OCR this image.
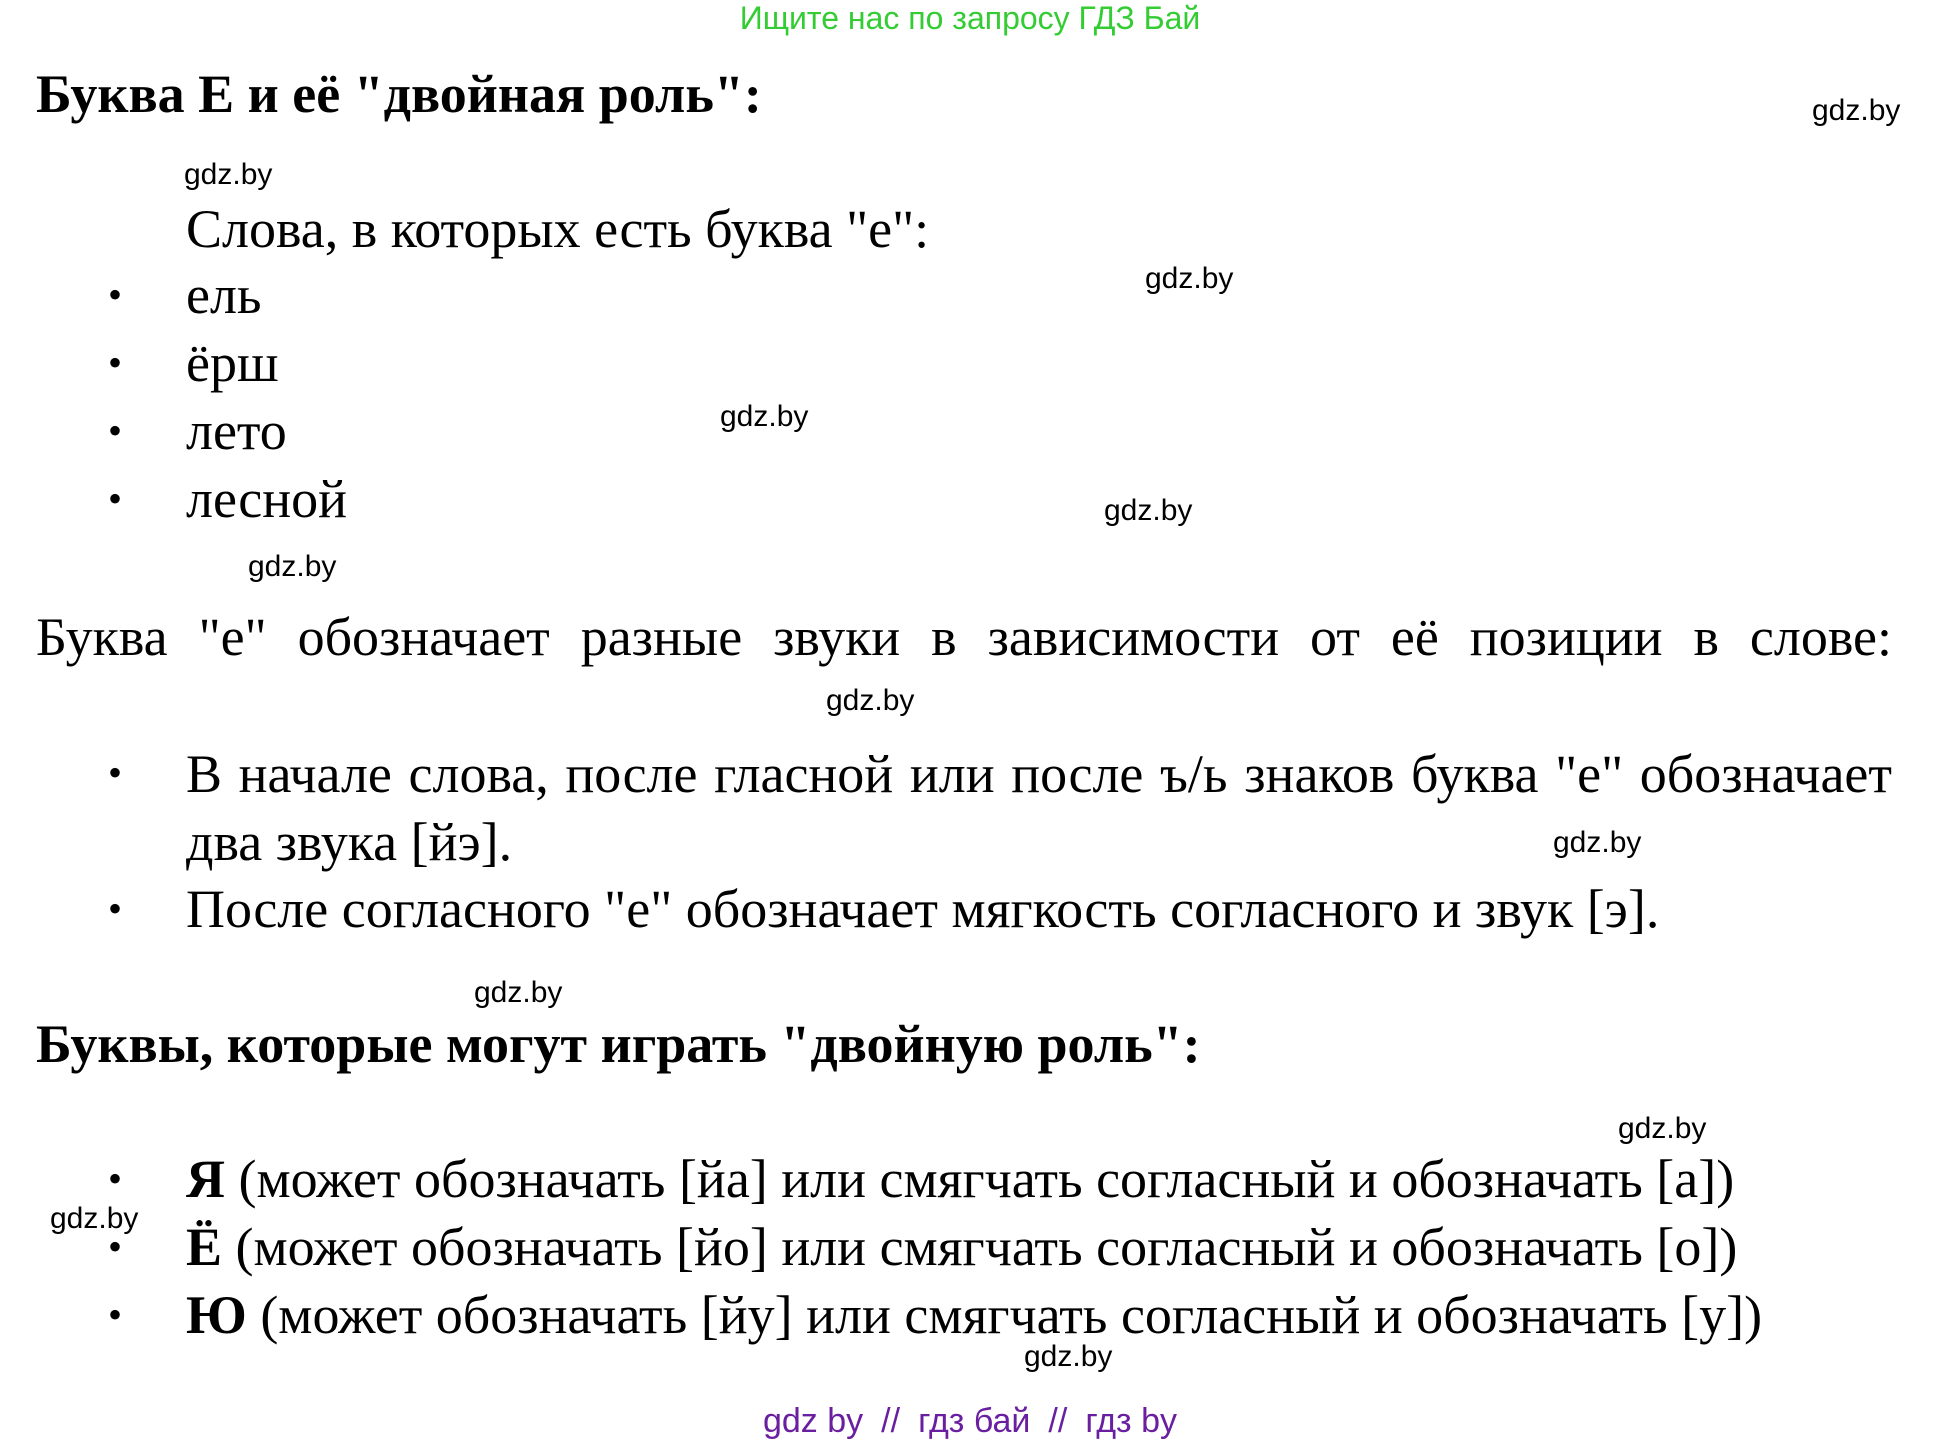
Ищите нас по запросу ГДЗ Бай
Буква Е и её "двойная роль":
Слова, в которых есть буква "е":
• ель
• ёрш
• лето
• лесной
Буква "е" обозначает разные звуки в зависимости от её позиции в слове:
• В начале слова, после гласной или после ъ/ь знаков буква "е" обозначает два звука [йэ].
• После согласного "е" обозначает мягкость согласного и звук [э].
Буквы, которые могут играть "двойную роль":
• Я (может обозначать [йа] или смягчать согласный и обозначать [а])
• Ё (может обозначать [йо] или смягчать согласный и обозначать [о])
• Ю (может обозначать [йу] или смягчать согласный и обозначать [у])
gdz.by
gdz.by
gdz.by
gdz.by
gdz.by
gdz.by
gdz.by
gdz.by
gdz.by
gdz.by
gdz.by
gdz.by
gdz by // гдз бай // гдз by
